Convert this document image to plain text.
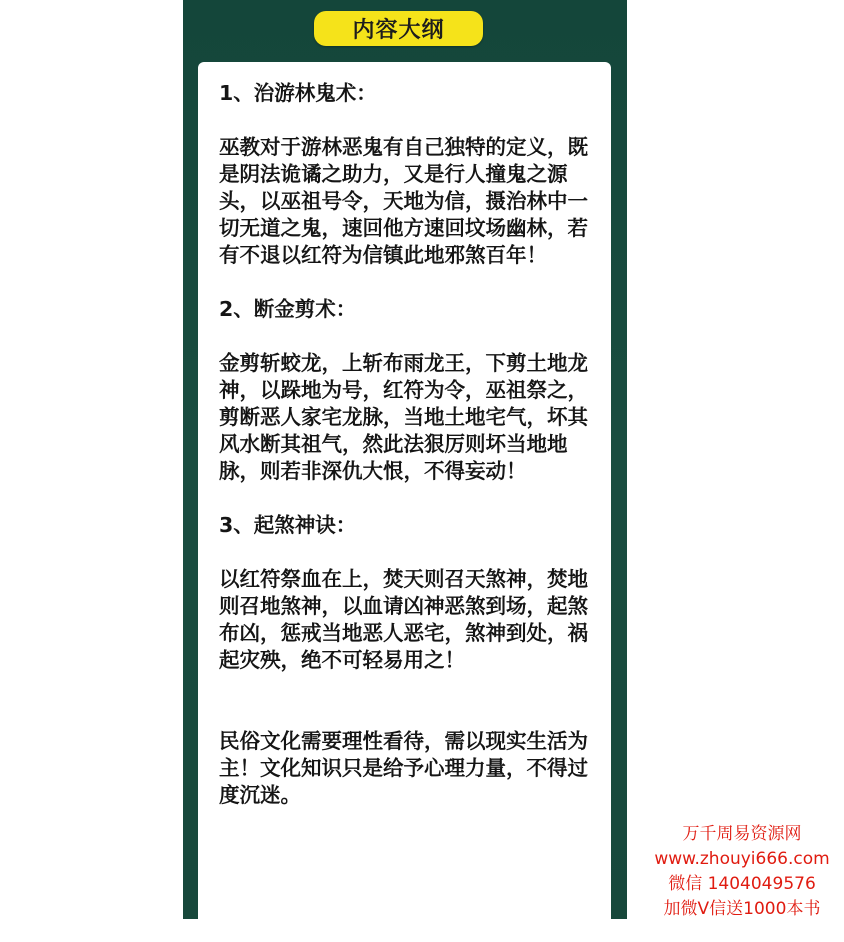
内容大纲

1、治游林鬼术：

巫教对于游林恶鬼有自己独特的定义，既是阴法诡谲之助力，又是行人撞鬼之源头，以巫祖号令，天地为信，摄治林中一切无道之鬼，速回他方速回坟场幽林，若有不退以红符为信镇此地邪煞百年！

2、断金剪术：

金剪斩蛟龙，上斩布雨龙王，下剪土地龙神，以跺地为号，红符为令，巫祖祭之，剪断恶人家宅龙脉，当地土地宅气，坏其风水断其祖气，然此法狠厉则坏当地地脉，则若非深仇大恨，不得妄动！

3、起煞神诀：

以红符祭血在上，焚天则召天煞神，焚地则召地煞神，以血请凶神恶煞到场，起煞布凶，惩戒当地恶人恶宅，煞神到处，祸起灾殃，绝不可轻易用之！

民俗文化需要理性看待，需以现实生活为主！文化知识只是给予心理力量，不得过度沉迷。

万千周易资源网
www.zhouyi666.com
微信 1404049576
加微V信送1000本书
